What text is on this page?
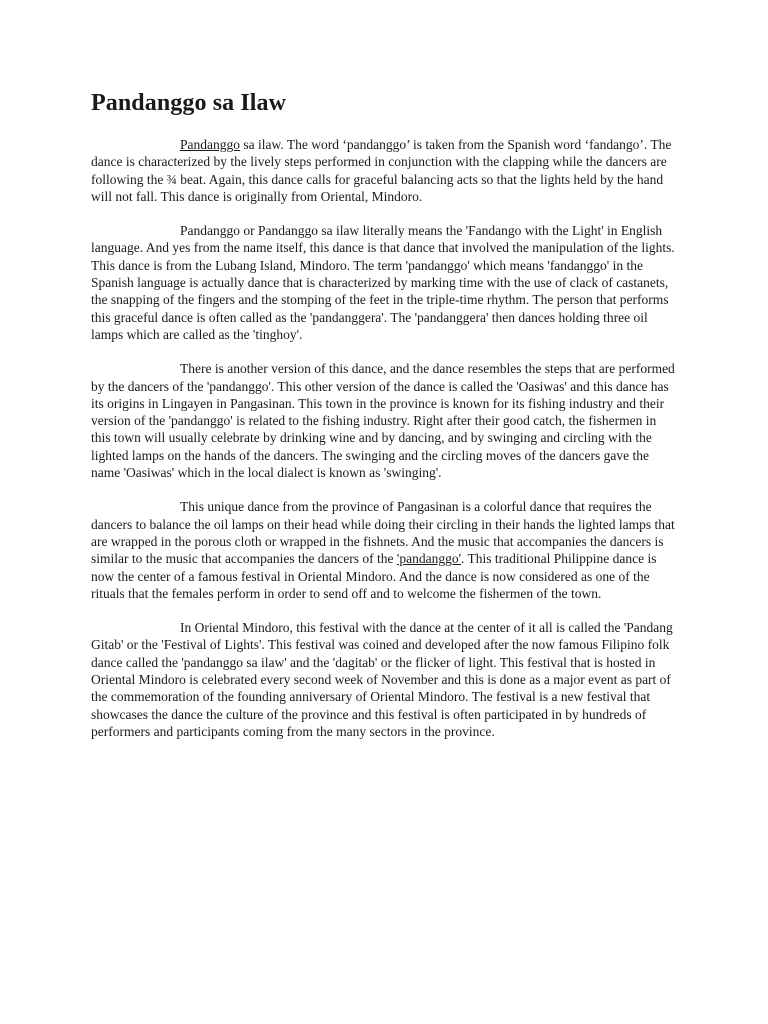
Pandanggo sa Ilaw

Pandanggo sa ilaw. The word ‘pandanggo’ is taken from the Spanish word ‘fandango’. The dance is characterized by the lively steps performed in conjunction with the clapping while the dancers are following the ¾ beat. Again, this dance calls for graceful balancing acts so that the lights held by the hand will not fall. This dance is originally from Oriental, Mindoro.

Pandanggo or Pandanggo sa ilaw literally means the 'Fandango with the Light' in English language. And yes from the name itself, this dance is that dance that involved the manipulation of the lights. This dance is from the Lubang Island, Mindoro. The term 'pandanggo' which means 'fandanggo' in the Spanish language is actually dance that is characterized by marking time with the use of clack of castanets, the snapping of the fingers and the stomping of the feet in the triple-time rhythm. The person that performs this graceful dance is often called as the 'pandanggera'. The 'pandanggera' then dances holding three oil lamps which are called as the 'tinghoy'.

There is another version of this dance, and the dance resembles the steps that are performed by the dancers of the 'pandanggo'. This other version of the dance is called the 'Oasiwas' and this dance has its origins in Lingayen in Pangasinan. This town in the province is known for its fishing industry and their version of the 'pandanggo' is related to the fishing industry. Right after their good catch, the fishermen in this town will usually celebrate by drinking wine and by dancing, and by swinging and circling with the lighted lamps on the hands of the dancers. The swinging and the circling moves of the dancers gave the name 'Oasiwas' which in the local dialect is known as 'swinging'.

This unique dance from the province of Pangasinan is a colorful dance that requires the dancers to balance the oil lamps on their head while doing their circling in their hands the lighted lamps that are wrapped in the porous cloth or wrapped in the fishnets. And the music that accompanies the dancers is similar to the music that accompanies the dancers of the 'pandanggo'. This traditional Philippine dance is now the center of a famous festival in Oriental Mindoro. And the dance is now considered as one of the rituals that the females perform in order to send off and to welcome the fishermen of the town.

In Oriental Mindoro, this festival with the dance at the center of it all is called the 'Pandang Gitab' or the 'Festival of Lights'. This festival was coined and developed after the now famous Filipino folk dance called the 'pandanggo sa ilaw' and the 'dagitab' or the flicker of light. This festival that is hosted in Oriental Mindoro is celebrated every second week of November and this is done as a major event as part of the commemoration of the founding anniversary of Oriental Mindoro. The festival is a new festival that showcases the dance the culture of the province and this festival is often participated in by hundreds of performers and participants coming from the many sectors in the province.
